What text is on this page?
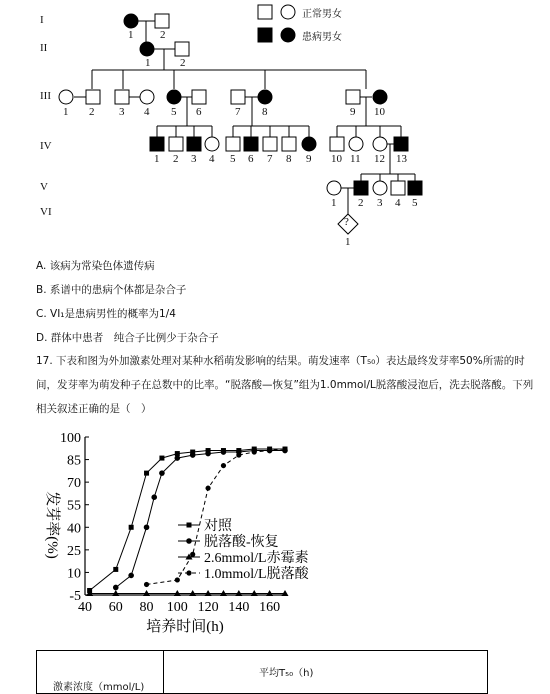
I
II
III
IV
V
VI
正常男女
患病男女
1 2
1	2
1 2 3 4 5 6	7 8	9 10
1 2 3 4 5 6 7 8 9 10 11 12 13
1 2 3 4 5
?
1
A. 该病为常染色体遗传病
B. 系谱中的患病个体都是杂合子
C. VI₁是患病男性的概率为1/4
D. 群体中患者　纯合子比例少于杂合子
17. 下表和图为外加激素处理对某种水稻萌发影响的结果。萌发速率（T₅₀）表达最终发芽率50%所需的时
间，发芽率为萌发种子在总数中的比率。“脱落酸—恢复”组为1.0mmol/L脱落酸浸泡后，洗去脱落酸。下列
相关叙述正确的是（　）
-5
10
25
40
55
70
85
100
40 60 80 100 120 140 160
培养时间(h)
发芽率(%)	对照
脱落酸-恢复
2.6mmol/L赤霉素
1.0mmol/L脱落酸
激素浓度（mmol/L)
平均T₅₀（h)
